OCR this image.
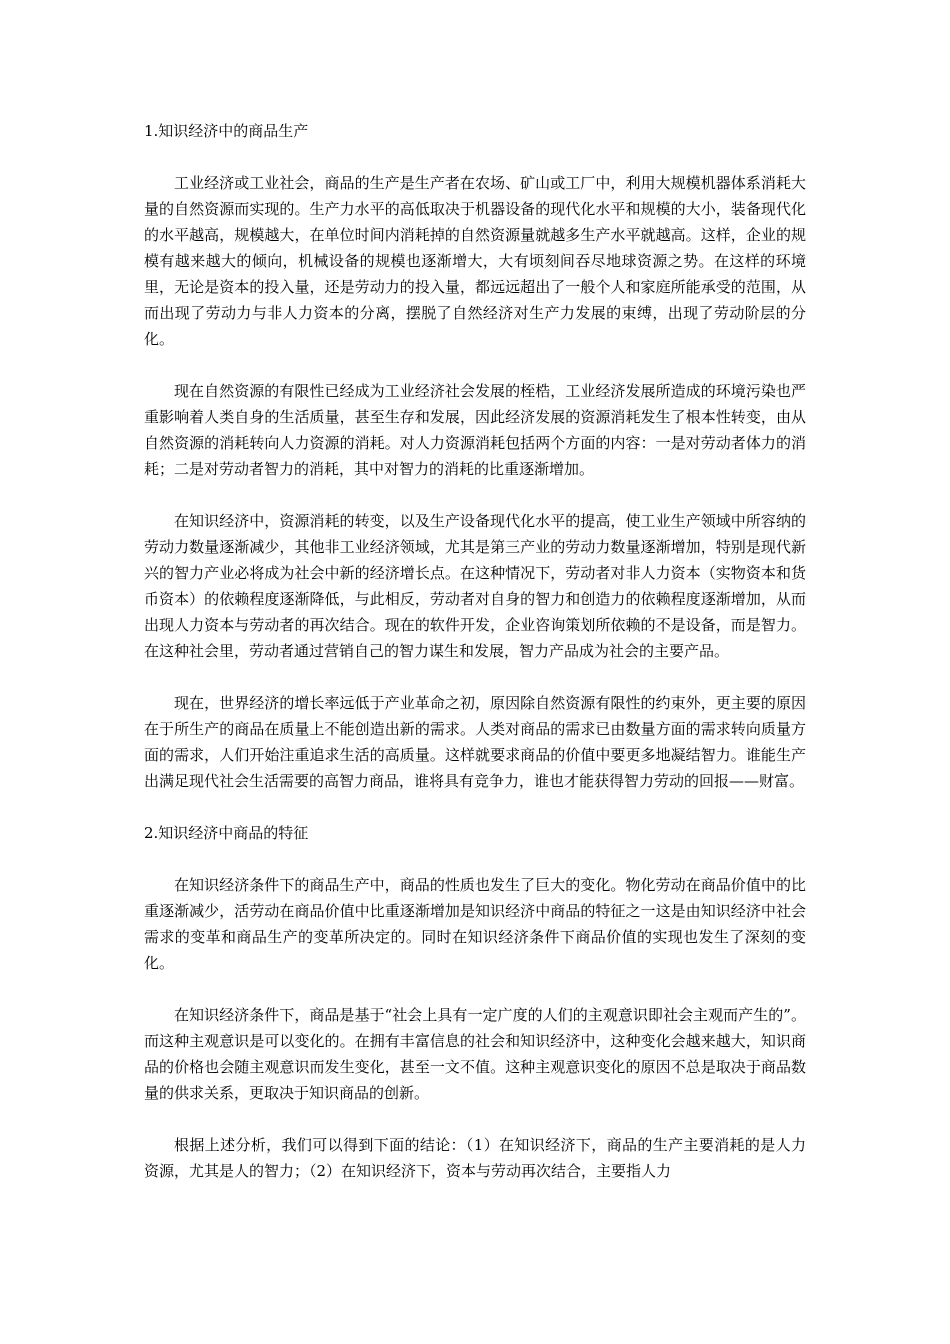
1.知识经济中的商品生产

工业经济或工业社会，商品的生产是生产者在农场、矿山或工厂中，利用大规模机器体系消耗大量的自然资源而实现的。生产力水平的高低取决于机器设备的现代化水平和规模的大小，装备现代化的水平越高，规模越大，在单位时间内消耗掉的自然资源量就越多生产水平就越高。这样，企业的规模有越来越大的倾向，机械设备的规模也逐渐增大，大有顷刻间吞尽地球资源之势。在这样的环境里，无论是资本的投入量，还是劳动力的投入量，都远远超出了一般个人和家庭所能承受的范围，从而出现了劳动力与非人力资本的分离，摆脱了自然经济对生产力发展的束缚，出现了劳动阶层的分化。

现在自然资源的有限性已经成为工业经济社会发展的桎梏，工业经济发展所造成的环境污染也严重影响着人类自身的生活质量，甚至生存和发展，因此经济发展的资源消耗发生了根本性转变，由从自然资源的消耗转向人力资源的消耗。对人力资源消耗包括两个方面的内容：一是对劳动者体力的消耗；二是对劳动者智力的消耗，其中对智力的消耗的比重逐渐增加。

在知识经济中，资源消耗的转变，以及生产设备现代化水平的提高，使工业生产领域中所容纳的劳动力数量逐渐减少，其他非工业经济领域，尤其是第三产业的劳动力数量逐渐增加，特别是现代新兴的智力产业必将成为社会中新的经济增长点。在这种情况下，劳动者对非人力资本（实物资本和货币资本）的依赖程度逐渐降低，与此相反，劳动者对自身的智力和创造力的依赖程度逐渐增加，从而出现人力资本与劳动者的再次结合。现在的软件开发，企业咨询策划所依赖的不是设备，而是智力。在这种社会里，劳动者通过营销自己的智力谋生和发展，智力产品成为社会的主要产品。

现在，世界经济的增长率远低于产业革命之初，原因除自然资源有限性的约束外，更主要的原因在于所生产的商品在质量上不能创造出新的需求。人类对商品的需求已由数量方面的需求转向质量方面的需求，人们开始注重追求生活的高质量。这样就要求商品的价值中要更多地凝结智力。谁能生产出满足现代社会生活需要的高智力商品，谁将具有竞争力，谁也才能获得智力劳动的回报——财富。

2.知识经济中商品的特征

在知识经济条件下的商品生产中，商品的性质也发生了巨大的变化。物化劳动在商品价值中的比重逐渐减少，活劳动在商品价值中比重逐渐增加是知识经济中商品的特征之一这是由知识经济中社会需求的变革和商品生产的变革所决定的。同时在知识经济条件下商品价值的实现也发生了深刻的变化。

在知识经济条件下，商品是基于“社会上具有一定广度的人们的主观意识即社会主观而产生的”。而这种主观意识是可以变化的。在拥有丰富信息的社会和知识经济中，这种变化会越来越大，知识商品的价格也会随主观意识而发生变化，甚至一文不值。这种主观意识变化的原因不总是取决于商品数量的供求关系，更取决于知识商品的创新。

根据上述分析，我们可以得到下面的结论：（1）在知识经济下，商品的生产主要消耗的是人力资源，尤其是人的智力；（2）在知识经济下，资本与劳动再次结合，主要指人力
